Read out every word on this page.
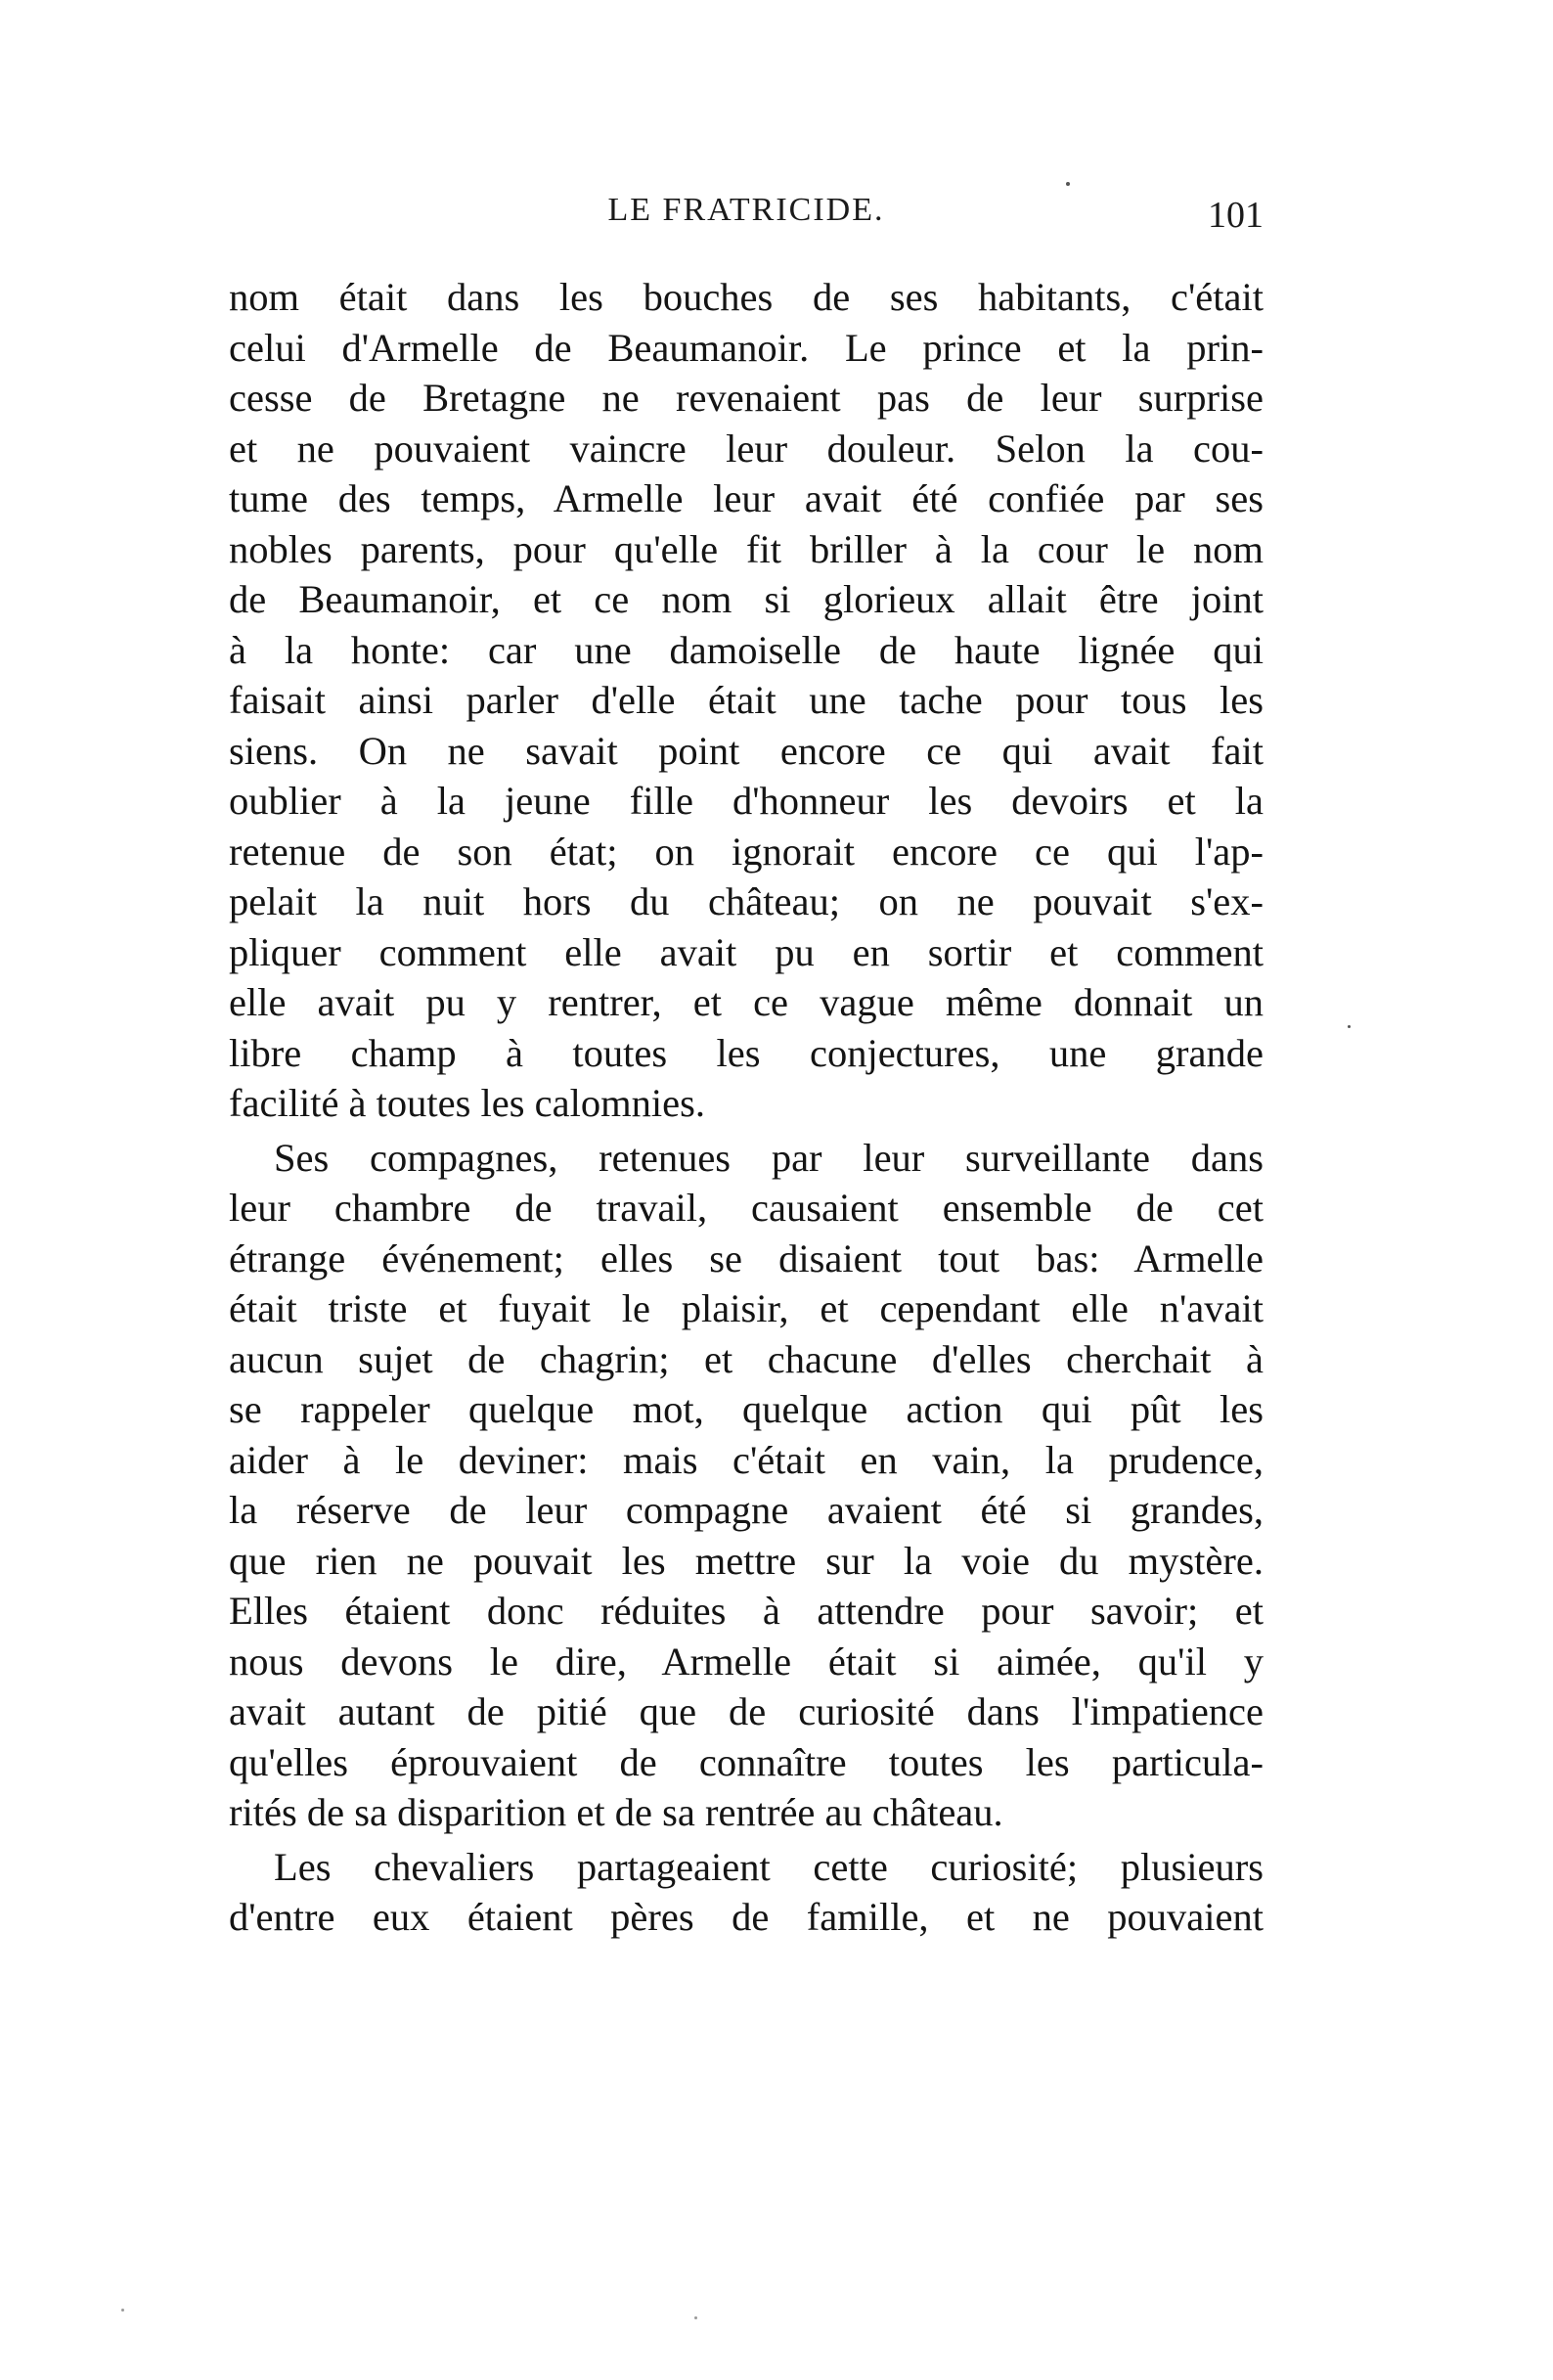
LE FRATRICIDE.	101
nom était dans les bouches de ses habitants, c'était
celui d'Armelle de Beaumanoir. Le prince et la prin-
cesse de Bretagne ne revenaient pas de leur surprise
et ne pouvaient vaincre leur douleur. Selon la cou-
tume des temps, Armelle leur avait été confiée par ses
nobles parents, pour qu'elle fit briller à la cour le nom
de Beaumanoir, et ce nom si glorieux allait être joint
à la honte: car une damoiselle de haute lignée qui
faisait ainsi parler d'elle était une tache pour tous les
siens. On ne savait point encore ce qui avait fait
oublier à la jeune fille d'honneur les devoirs et la
retenue de son état; on ignorait encore ce qui l'ap-
pelait la nuit hors du château; on ne pouvait s'ex-
pliquer comment elle avait pu en sortir et comment
elle avait pu y rentrer, et ce vague même donnait un
libre champ à toutes les conjectures, une grande
facilité à toutes les calomnies.
Ses compagnes, retenues par leur surveillante dans
leur chambre de travail, causaient ensemble de cet
étrange événement; elles se disaient tout bas: Armelle
était triste et fuyait le plaisir, et cependant elle n'avait
aucun sujet de chagrin; et chacune d'elles cherchait à
se rappeler quelque mot, quelque action qui pût les
aider à le deviner: mais c'était en vain, la prudence,
la réserve de leur compagne avaient été si grandes,
que rien ne pouvait les mettre sur la voie du mystère.
Elles étaient donc réduites à attendre pour savoir; et
nous devons le dire, Armelle était si aimée, qu'il y
avait autant de pitié que de curiosité dans l'impatience
qu'elles éprouvaient de connaître toutes les particula-
rités de sa disparition et de sa rentrée au château.
Les chevaliers partageaient cette curiosité; plusieurs
d'entre eux étaient pères de famille, et ne pouvaient
